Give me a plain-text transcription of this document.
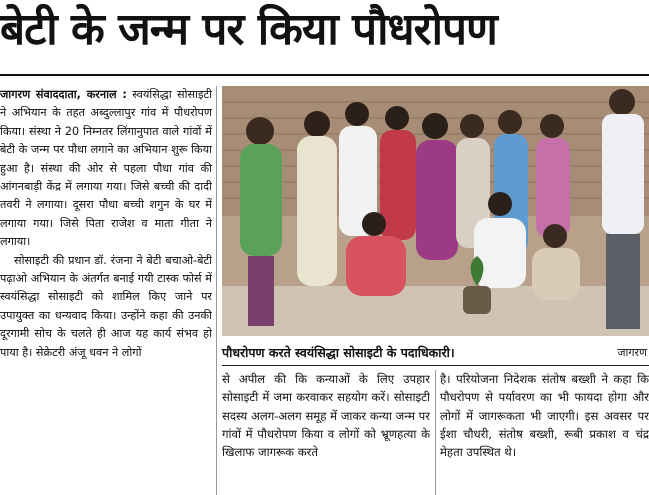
बेटी के जन्म पर किया पौधरोपण

जागरण संवाददाता, करनाल : स्वयंसिद्धा सोसाइटी ने अभियान के तहत अब्दुल्लापुर गांव में पौधरोपण किया। संस्था ने 20 निम्नतर लिंगानुपात वाले गांवों में बेटी के जन्म पर पौधा लगाने का अभियान शुरू किया हुआ है। संस्था की ओर से पहला पौधा गांव की आंगनबाड़ी केंद्र में लगाया गया। जिसे बच्ची की दादी तवरी ने लगाया। दूसरा पौधा बच्ची शगुन के घर में लगाया गया। जिसे पिता राजेश व माता गीता ने लगाया।

सोसाइटी की प्रधान डॉ. रंजना ने बेटी बचाओ-बेटी पढ़ाओ अभियान के अंतर्गत बनाई गयी टास्क फोर्स में स्वयंसिद्धा सोसाइटी को शामिल किए जाने पर उपायुक्त का धन्यवाद किया। उन्होंने कहा की उनकी दूरगामी सोच के चलते ही आज यह कार्य संभव हो पाया है। सेक्रेटरी अंजू धवन ने लोगों	पौधरोपण करते स्वयंसिद्धा सोसाइटी के पदाधिकारी।	जागरण
से अपील की कि कन्याओं के लिए उपहार सोसाइटी में जमा करवाकर सहयोग करें। सोसाइटी सदस्य अलग-अलग समूह में जाकर कन्या जन्म पर गांवों में पौधरोपण किया व लोगों को भ्रूणहत्या के खिलाफ जागरूक करते
है। परियोजना निदेशक संतोष बख्शी ने कहा कि पौधरोपण से पर्यावरण का भी फायदा होगा और लोगों में जागरूकता भी जाएगी। इस अवसर पर ईशा चौधरी, संतोष बख्शी, रूबी प्रकाश व चंद्र मेहता उपस्थित थे।
